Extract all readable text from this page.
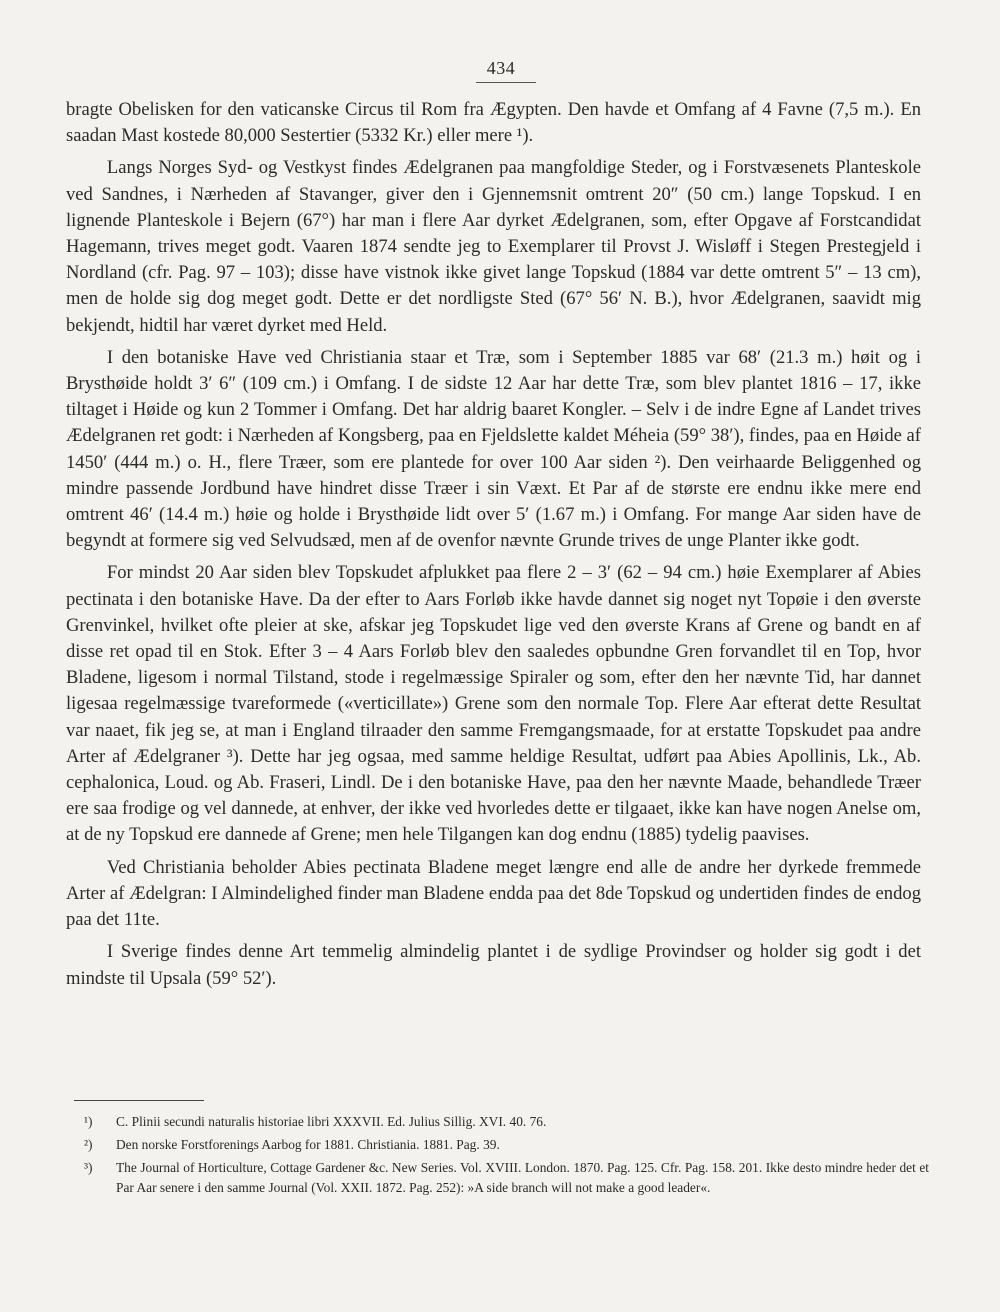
434

bragte Obelisken for den vaticanske Circus til Rom fra Ægypten. Den havde et Omfang af 4 Favne (7,5 m.). En saadan Mast kostede 80,000 Sestertier (5332 Kr.) eller mere ¹).

Langs Norges Syd- og Vestkyst findes Ædelgranen paa mangfoldige Steder, og i Forstvæsenets Planteskole ved Sandnes, i Nærheden af Stavanger, giver den i Gjennemsnit omtrent 20″ (50 cm.) lange Topskud. I en lignende Planteskole i Bejern (67°) har man i flere Aar dyrket Ædelgranen, som, efter Opgave af Forstcandidat Hagemann, trives meget godt. Vaaren 1874 sendte jeg to Exemplarer til Provst J. Wisløff i Stegen Prestegjeld i Nordland (cfr. Pag. 97 – 103); disse have vistnok ikke givet lange Topskud (1884 var dette omtrent 5″ – 13 cm), men de holde sig dog meget godt. Dette er det nordligste Sted (67° 56′ N. B.), hvor Ædelgranen, saavidt mig bekjendt, hidtil har været dyrket med Held.

I den botaniske Have ved Christiania staar et Træ, som i September 1885 var 68′ (21.3 m.) høit og i Brysthøide holdt 3′ 6″ (109 cm.) i Omfang. I de sidste 12 Aar har dette Træ, som blev plantet 1816 – 17, ikke tiltaget i Høide og kun 2 Tommer i Omfang. Det har aldrig baaret Kongler. – Selv i de indre Egne af Landet trives Ædelgranen ret godt: i Nærheden af Kongsberg, paa en Fjeldslette kaldet Méheia (59° 38′), findes, paa en Høide af 1450′ (444 m.) o. H., flere Træer, som ere plantede for over 100 Aar siden ²). Den veirhaarde Beliggenhed og mindre passende Jordbund have hindret disse Træer i sin Væxt. Et Par af de største ere endnu ikke mere end omtrent 46′ (14.4 m.) høie og holde i Brysthøide lidt over 5′ (1.67 m.) i Omfang. For mange Aar siden have de begyndt at formere sig ved Selvudsæd, men af de ovenfor nævnte Grunde trives de unge Planter ikke godt.

For mindst 20 Aar siden blev Topskudet afplukket paa flere 2 – 3′ (62 – 94 cm.) høie Exemplarer af Abies pectinata i den botaniske Have. Da der efter to Aars Forløb ikke havde dannet sig noget nyt Topøie i den øverste Grenvinkel, hvilket ofte pleier at ske, afskar jeg Topskudet lige ved den øverste Krans af Grene og bandt en af disse ret opad til en Stok. Efter 3 – 4 Aars Forløb blev den saaledes opbundne Gren forvandlet til en Top, hvor Bladene, ligesom i normal Tilstand, stode i regelmæssige Spiraler og som, efter den her nævnte Tid, har dannet ligesaa regelmæssige tvareformede («verticillate») Grene som den normale Top. Flere Aar efterat dette Resultat var naaet, fik jeg se, at man i England tilraader den samme Fremgangsmaade, for at erstatte Topskudet paa andre Arter af Ædelgraner ³). Dette har jeg ogsaa, med samme heldige Resultat, udført paa Abies Apollinis, Lk., Ab. cephalonica, Loud. og Ab. Fraseri, Lindl. De i den botaniske Have, paa den her nævnte Maade, behandlede Træer ere saa frodige og vel dannede, at enhver, der ikke ved hvorledes dette er tilgaaet, ikke kan have nogen Anelse om, at de ny Topskud ere dannede af Grene; men hele Tilgangen kan dog endnu (1885) tydelig paavises.

Ved Christiania beholder Abies pectinata Bladene meget længre end alle de andre her dyrkede fremmede Arter af Ædelgran: I Almindelighed finder man Bladene endda paa det 8de Topskud og undertiden findes de endog paa det 11te.

I Sverige findes denne Art temmelig almindelig plantet i de sydlige Provindser og holder sig godt i det mindste til Upsala (59° 52′).

¹)	C. Plinii secundi naturalis historiae libri XXXVII. Ed. Julius Sillig. XVI. 40. 76.
²)	Den norske Forstforenings Aarbog for 1881. Christiania. 1881. Pag. 39.
³)	The Journal of Horticulture, Cottage Gardener &c. New Series. Vol. XVIII. London. 1870. Pag. 125. Cfr. Pag. 158. 201. Ikke desto mindre heder det et Par Aar senere i den samme Journal (Vol. XXII. 1872. Pag. 252): »A side branch will not make a good leader«.
